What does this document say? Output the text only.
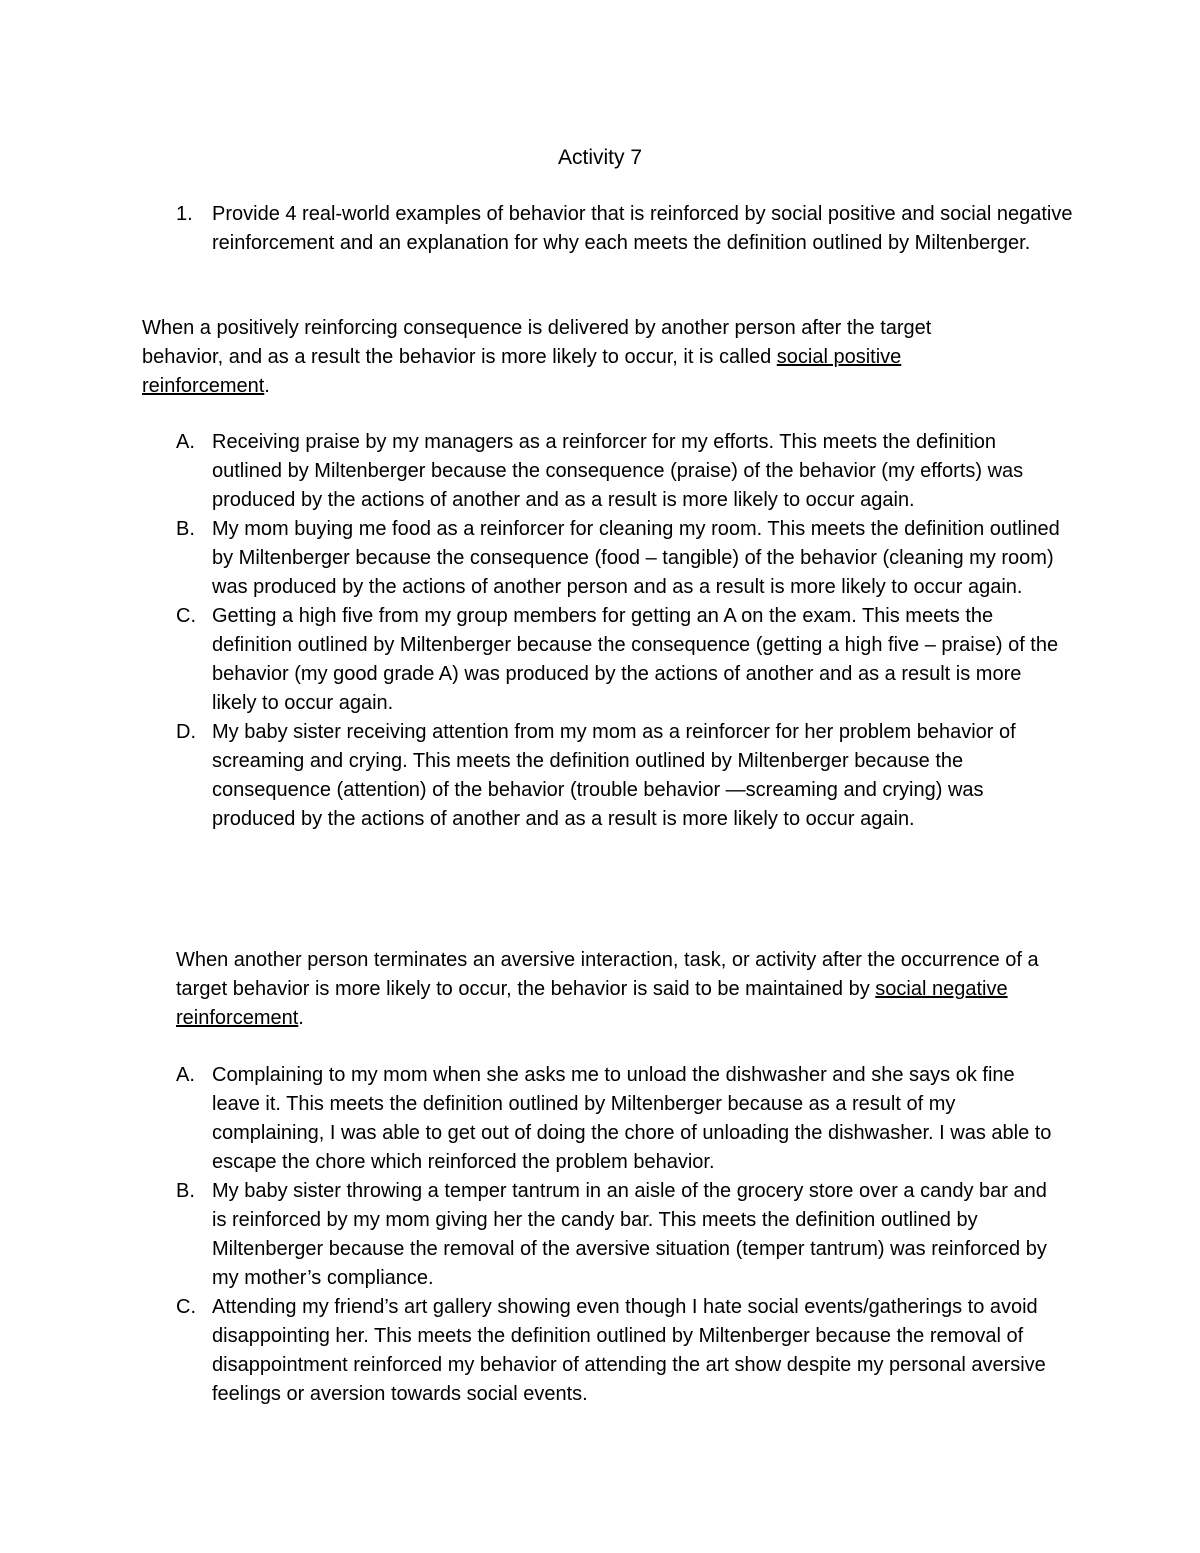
Activity 7
1. Provide 4 real-world examples of behavior that is reinforced by social positive and social negative reinforcement and an explanation for why each meets the definition outlined by Miltenberger.
When a positively reinforcing consequence is delivered by another person after the target behavior, and as a result the behavior is more likely to occur, it is called social positive reinforcement.
A. Receiving praise by my managers as a reinforcer for my efforts. This meets the definition outlined by Miltenberger because the consequence (praise) of the behavior (my efforts) was produced by the actions of another and as a result is more likely to occur again.
B. My mom buying me food as a reinforcer for cleaning my room. This meets the definition outlined by Miltenberger because the consequence (food – tangible) of the behavior (cleaning my room) was produced by the actions of another person and as a result is more likely to occur again.
C. Getting a high five from my group members for getting an A on the exam. This meets the definition outlined by Miltenberger because the consequence (getting a high five – praise) of the behavior (my good grade A) was produced by the actions of another and as a result is more likely to occur again.
D. My baby sister receiving attention from my mom as a reinforcer for her problem behavior of screaming and crying. This meets the definition outlined by Miltenberger because the consequence (attention) of the behavior (trouble behavior —screaming and crying) was produced by the actions of another and as a result is more likely to occur again.
When another person terminates an aversive interaction, task, or activity after the occurrence of a target behavior is more likely to occur, the behavior is said to be maintained by social negative reinforcement.
A. Complaining to my mom when she asks me to unload the dishwasher and she says ok fine leave it. This meets the definition outlined by Miltenberger because as a result of my complaining, I was able to get out of doing the chore of unloading the dishwasher. I was able to escape the chore which reinforced the problem behavior.
B. My baby sister throwing a temper tantrum in an aisle of the grocery store over a candy bar and is reinforced by my mom giving her the candy bar. This meets the definition outlined by Miltenberger because the removal of the aversive situation (temper tantrum) was reinforced by my mother’s compliance.
C. Attending my friend’s art gallery showing even though I hate social events/gatherings to avoid disappointing her. This meets the definition outlined by Miltenberger because the removal of disappointment reinforced my behavior of attending the art show despite my personal aversive feelings or aversion towards social events.
